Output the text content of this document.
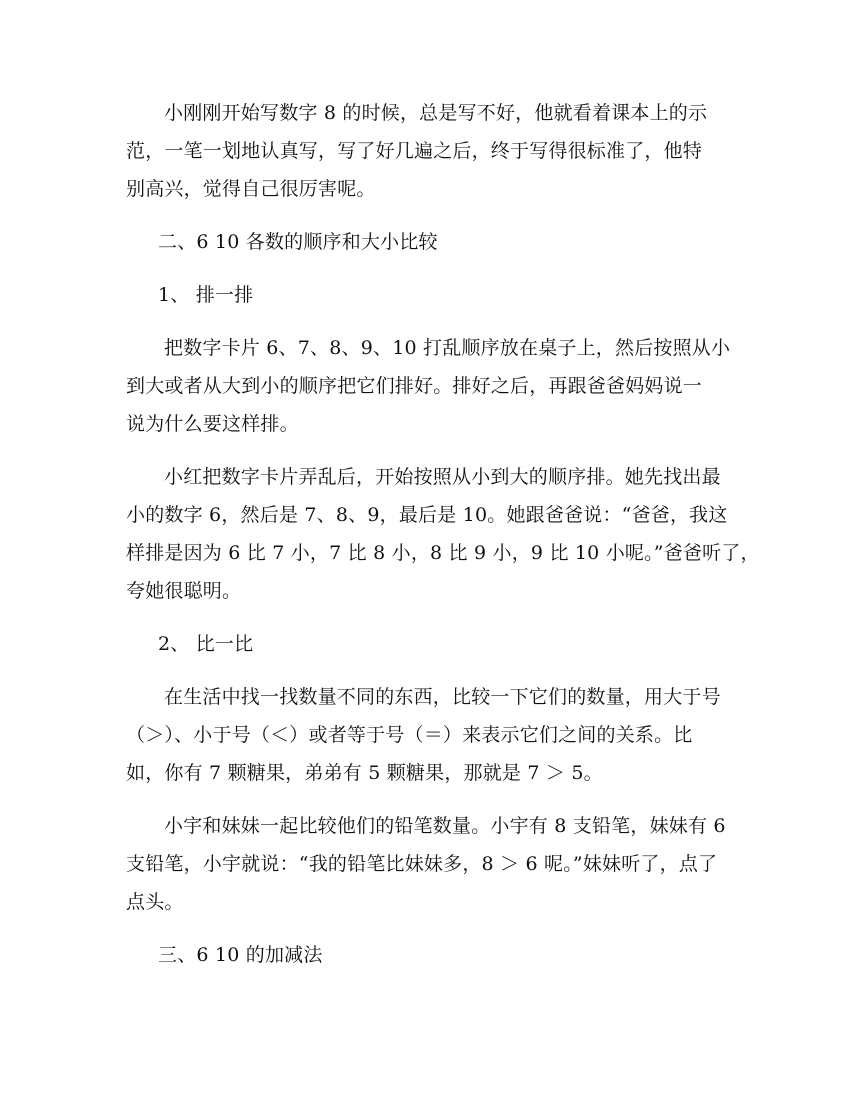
小刚刚开始写数字 8 的时候，总是写不好，他就看着课本上的示
范，一笔一划地认真写，写了好几遍之后，终于写得很标准了，他特
别高兴，觉得自己很厉害呢。
二、6 10 各数的顺序和大小比较
1、 排一排
把数字卡片 6、7、8、9、10 打乱顺序放在桌子上，然后按照从小
到大或者从大到小的顺序把它们排好。排好之后，再跟爸爸妈妈说一
说为什么要这样排。
小红把数字卡片弄乱后，开始按照从小到大的顺序排。她先找出最
小的数字 6，然后是 7、8、9，最后是 10。她跟爸爸说：“爸爸，我这
样排是因为 6 比 7 小，7 比 8 小，8 比 9 小，9 比 10 小呢。”爸爸听了，
夸她很聪明。
2、 比一比
在生活中找一找数量不同的东西，比较一下它们的数量，用大于号
（＞）、小于号（＜）或者等于号（＝）来表示它们之间的关系。比
如，你有 7 颗糖果，弟弟有 5 颗糖果，那就是 7 ＞ 5。
小宇和妹妹一起比较他们的铅笔数量。小宇有 8 支铅笔，妹妹有 6
支铅笔，小宇就说：“我的铅笔比妹妹多，8 ＞ 6 呢。”妹妹听了，点了
点头。
三、6 10 的加减法
